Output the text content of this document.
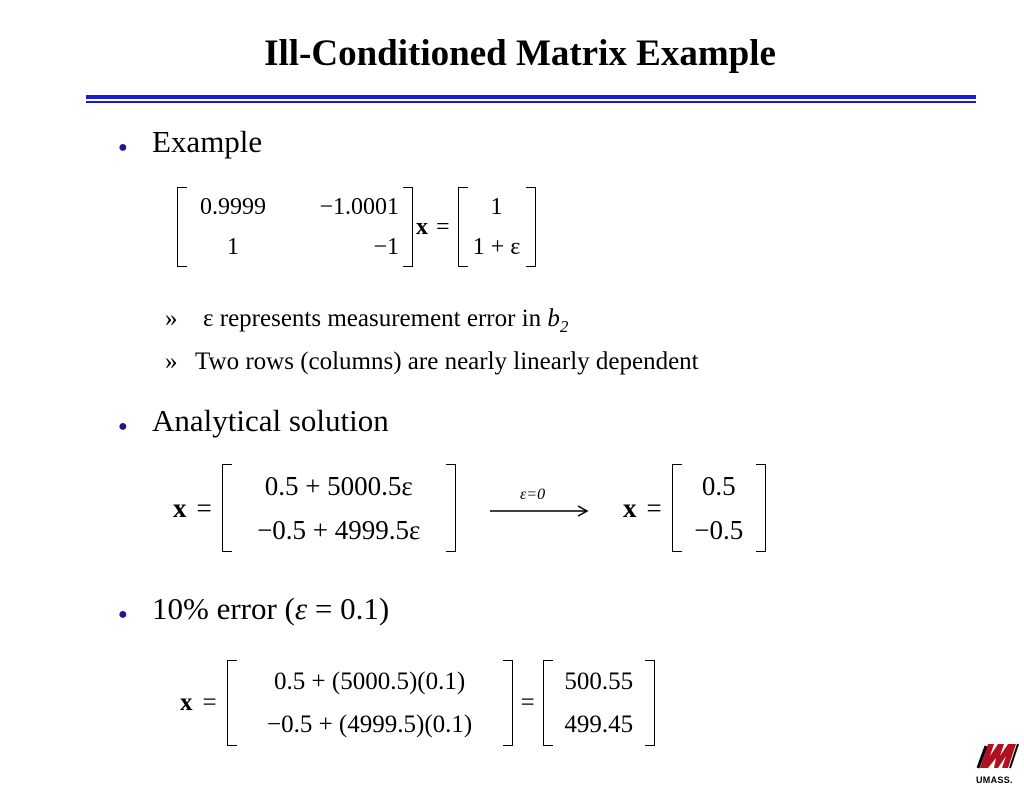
Ill-Conditioned Matrix Example
● Example
0.9999	−1.0001
1	−1
x =
1
1 + ε
» ε represents measurement error in $b_2$
» Two rows (columns) are nearly linearly dependent
● Analytical solution
x =
0.5 + 5000.5ε
−0.5 + 4999.5ε
ε=0	x =
0.5
−0.5
● 10% error (ε = 0.1)
x =
0.5 + (5000.5)(0.1)
−0.5 + (4999.5)(0.1)
=
500.55
499.45
UMASS.
